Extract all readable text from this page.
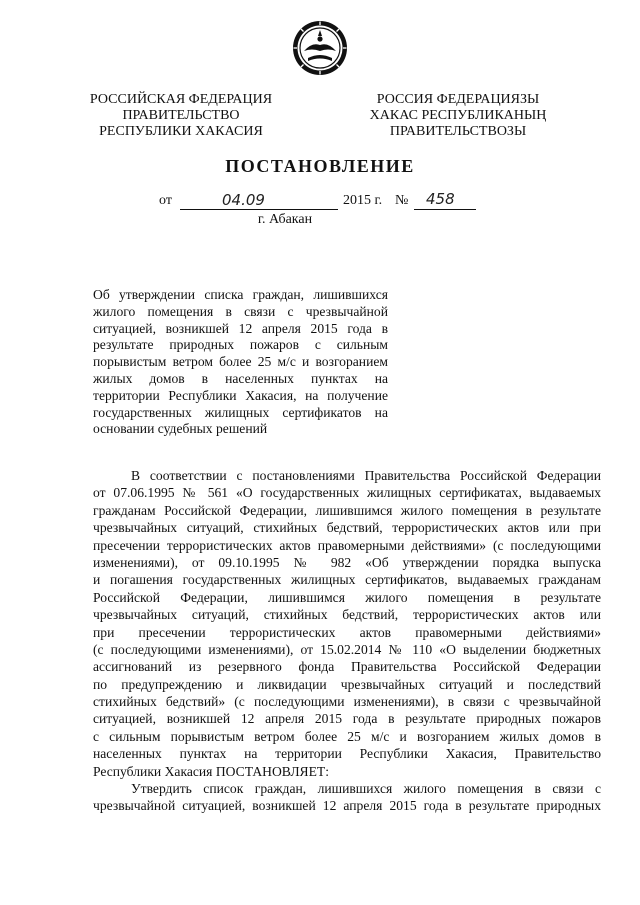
РОССИЙСКАЯ ФЕДЕРАЦИЯ
ПРАВИТЕЛЬСТВО
РЕСПУБЛИКИ ХАКАСИЯ
РОССИЯ ФЕДЕРАЦИЯЗЫ
ХАКАС РЕСПУБЛИКАНЫҢ
ПРАВИТЕЛЬСТВОЗЫ
ПОСТАНОВЛЕНИЕ
от	04.09	2015 г. № 458
г. Абакан
Об утверждении списка граждан, лишившихся
жилого помещения в связи с чрезвычайной
ситуацией, возникшей 12 апреля 2015 года в
результате природных пожаров с сильным
порывистым ветром более 25 м/с и возгоранием
жилых домов в населенных пунктах на
территории Республики Хакасия, на получение
государственных жилищных сертификатов на
основании судебных решений
В соответствии с постановлениями Правительства Российской Федерации
от 07.06.1995 № 561 «О государственных жилищных сертификатах, выдаваемых
гражданам Российской Федерации, лишившимся жилого помещения в результате
чрезвычайных ситуаций, стихийных бедствий, террористических актов или при
пресечении террористических актов правомерными действиями» (с последующими
изменениями), от 09.10.1995 № 982 «Об утверждении порядка выпуска
и погашения государственных жилищных сертификатов, выдаваемых гражданам
Российской Федерации, лишившимся жилого помещения в результате
чрезвычайных ситуаций, стихийных бедствий, террористических актов или
при пресечении террористических актов правомерными действиями»
(с последующими изменениями), от 15.02.2014 № 110 «О выделении бюджетных
ассигнований из резервного фонда Правительства Российской Федерации
по предупреждению и ликвидации чрезвычайных ситуаций и последствий
стихийных бедствий» (с последующими изменениями), в связи с чрезвычайной
ситуацией, возникшей 12 апреля 2015 года в результате природных пожаров
с сильным порывистым ветром более 25 м/с и возгоранием жилых домов в
населенных пунктах на территории Республики Хакасия, Правительство
Республики Хакасия ПОСТАНОВЛЯЕТ:
Утвердить список граждан, лишившихся жилого помещения в связи с
чрезвычайной ситуацией, возникшей 12 апреля 2015 года в результате природных
